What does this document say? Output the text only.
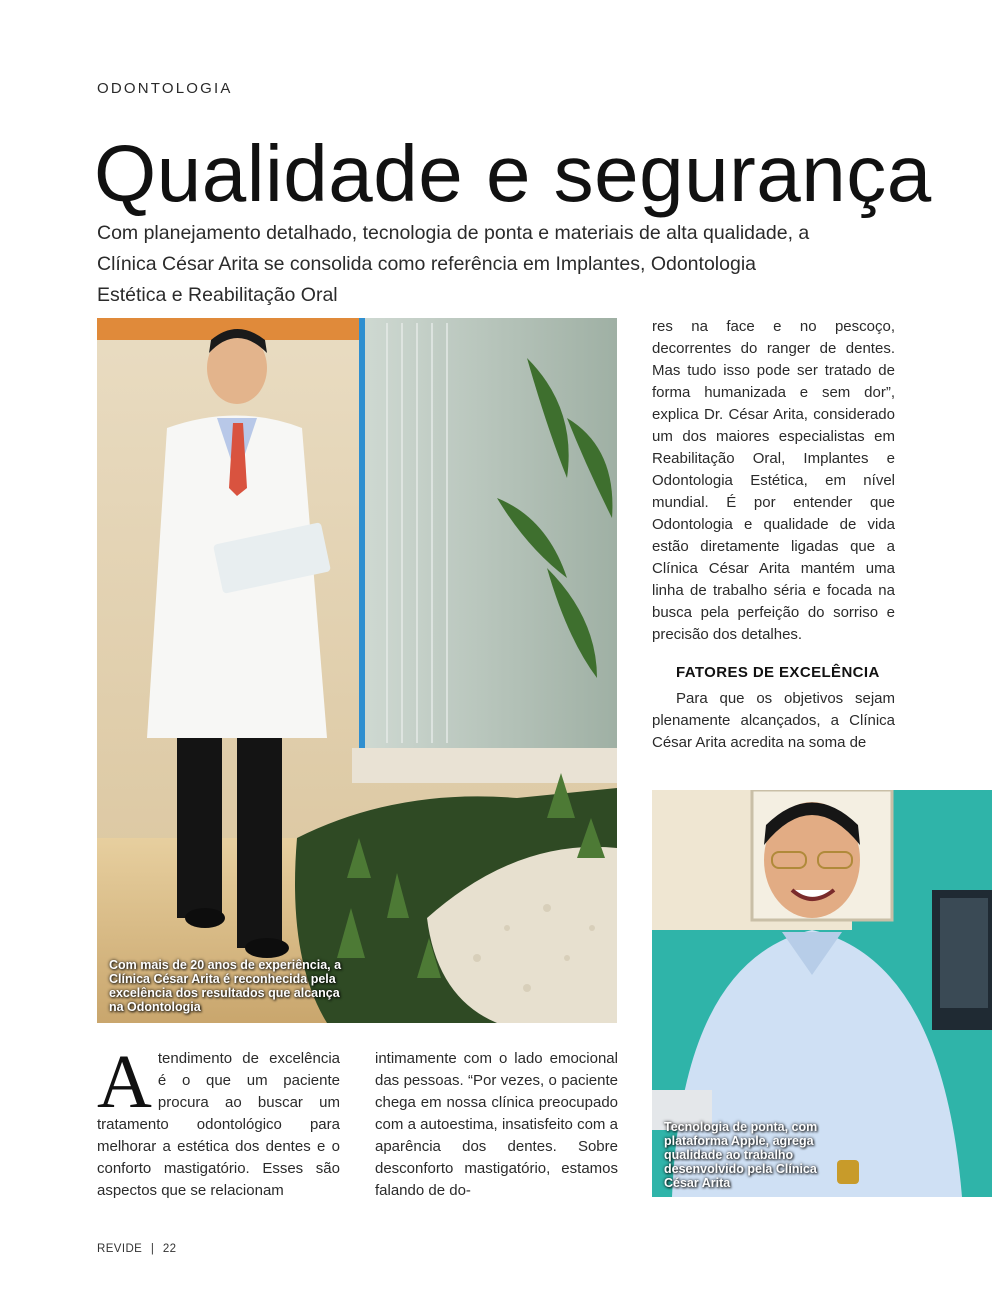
ODONTOLOGIA
Qualidade e segurança

Com planejamento detalhado, tecnologia de ponta e materiais de alta qualidade, a Clínica César Arita se consolida como referência em Implantes, Odontologia Estética e Reabilitação Oral

Com mais de 20 anos de experiência, a Clínica César Arita é reconhecida pela excelência dos resultados que alcança na Odontologia
Tecnologia de ponta, com plataforma Apple, agrega qualidade ao trabalho desenvolvido pela Clínica César Arita

A tendimento de excelência é o que um paciente procura ao buscar um tratamento odontológico para melhorar a estética dos dentes e o conforto mastigatório. Esses são aspectos que se relacionam

intimamente com o lado emocional das pessoas. “Por vezes, o paciente chega em nossa clínica preocupado com a autoestima, insatisfeito com a aparência dos dentes. Sobre desconforto mastigatório, estamos falando de do-

res na face e no pescoço, decorrentes do ranger de dentes. Mas tudo isso pode ser tratado de forma humanizada e sem dor”, explica Dr. César Arita, considerado um dos maiores especialistas em Reabilitação Oral, Implantes e Odontologia Estética, em nível mundial. É por entender que Odontologia e qualidade de vida estão diretamente ligadas que a Clínica César Arita mantém uma linha de trabalho séria e focada na busca pela perfeição do sorriso e precisão dos detalhes.

FATORES DE EXCELÊNCIA

Para que os objetivos sejam plenamente alcançados, a Clínica César Arita acredita na soma de

REVIDE | 22
